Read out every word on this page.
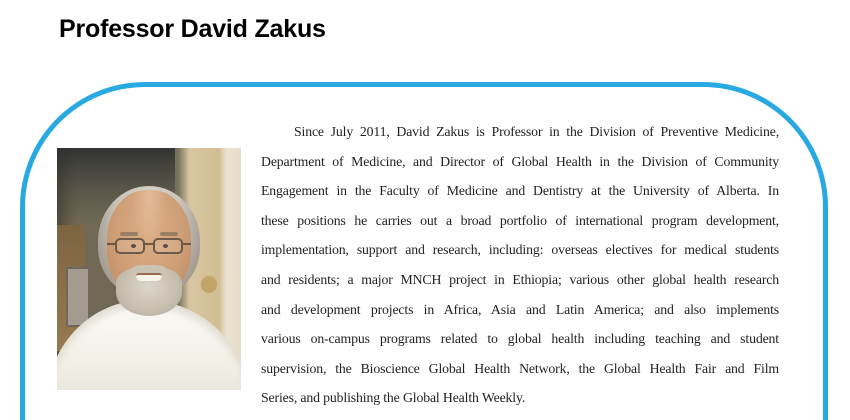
Professor David Zakus
Since July 2011, David Zakus is Professor in the Division of Preventive Medicine,
Department of Medicine, and Director of Global Health in the Division of Community
Engagement in the Faculty of Medicine and Dentistry at the University of Alberta. In
these positions he carries out a broad portfolio of international program development,
implementation, support and research, including: overseas electives for medical students
and residents; a major MNCH project in Ethiopia; various other global health research
and development projects in Africa, Asia and Latin America; and also implements
various on-campus programs related to global health including teaching and student
supervision, the Bioscience Global Health Network, the Global Health Fair and Film
Series, and publishing the Global Health Weekly.
